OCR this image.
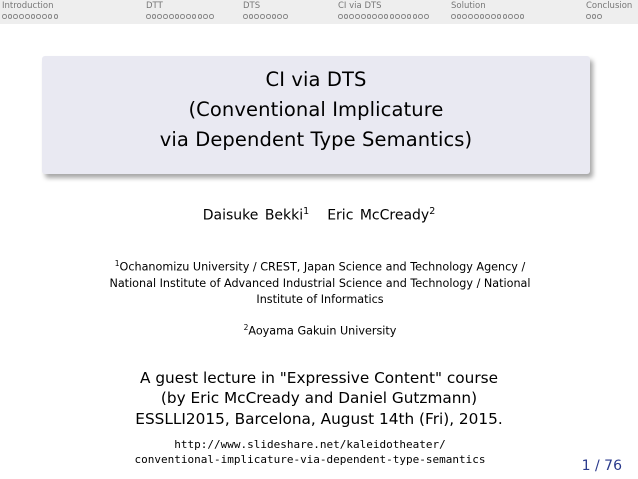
Introduction	DTT	DTS	CI via DTS	Solution	Conclusion
CI via DTS
(Conventional Implicature
via Dependent Type Semantics)
Daisuke Bekki$^1$ Eric McCready$^2$
$^1$Ochanomizu University / CREST, Japan Science and Technology Agency /
National Institute of Advanced Industrial Science and Technology / National
Institute of Informatics
$^2$Aoyama Gakuin University
A guest lecture in "Expressive Content" course
(by Eric McCready and Daniel Gutzmann)
ESSLLI2015, Barcelona, August 14th (Fri), 2015.
http://www.slideshare.net/kaleidotheater/
conventional-implicature-via-dependent-type-semantics	1 / 76
